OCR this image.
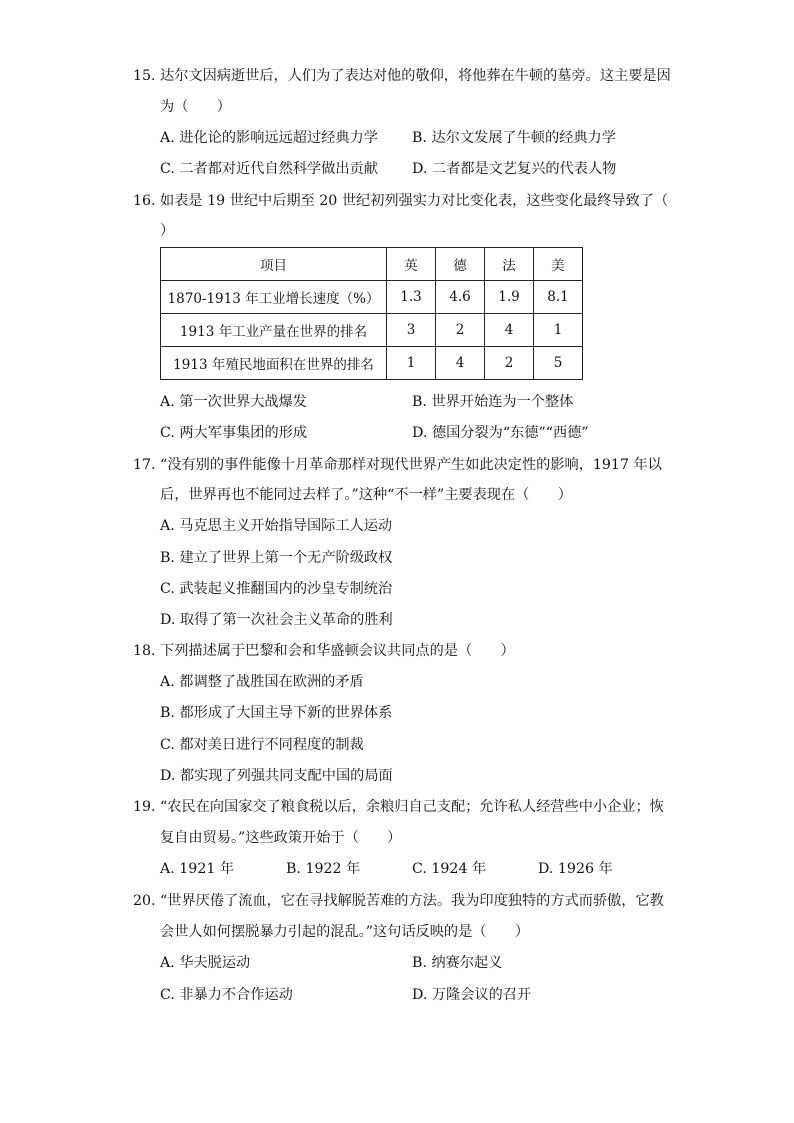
15. 达尔文因病逝世后，人们为了表达对他的敬仰，将他葬在牛顿的墓旁。这主要是因
为（　　）
A. 进化论的影响远远超过经典力学 B. 达尔文发展了牛顿的经典力学
C. 二者都对近代自然科学做出贡献 D. 二者都是文艺复兴的代表人物
16. 如表是 19 世纪中后期至 20 世纪初列强实力对比变化表，这些变化最终导致了（
）
项目	英	德	法	美
1870-1913 年工业增长速度（%）	1.3	4.6	1.9	8.1
1913 年工业产量在世界的排名	3	2	4	1
1913 年殖民地面积在世界的排名	1	4	2	5
A. 第一次世界大战爆发	B. 世界开始连为一个整体
C. 两大军事集团的形成	D. 德国分裂为“东德”“西德”
17. “没有别的事件能像十月革命那样对现代世界产生如此决定性的影响，1917 年以
后，世界再也不能同过去样了。”这种“不一样”主要表现在（　　）
A. 马克思主义开始指导国际工人运动
B. 建立了世界上第一个无产阶级政权
C. 武装起义推翻国内的沙皇专制统治
D. 取得了第一次社会主义革命的胜利
18. 下列描述属于巴黎和会和华盛顿会议共同点的是（　　）
A. 都调整了战胜国在欧洲的矛盾
B. 都形成了大国主导下新的世界体系
C. 都对美日进行不同程度的制裁
D. 都实现了列强共同支配中国的局面
19. “农民在向国家交了粮食税以后，余粮归自己支配；允许私人经营些中小企业；恢
复自由贸易。”这些政策开始于（　　）
A. 1921 年	B. 1922 年	C. 1924 年	D. 1926 年
20. “世界厌倦了流血，它在寻找解脱苦难的方法。我为印度独特的方式而骄傲，它教
会世人如何摆脱暴力引起的混乱。”这句话反映的是（　　）
A. 华夫脱运动	B. 纳赛尔起义
C. 非暴力不合作运动	D. 万隆会议的召开
